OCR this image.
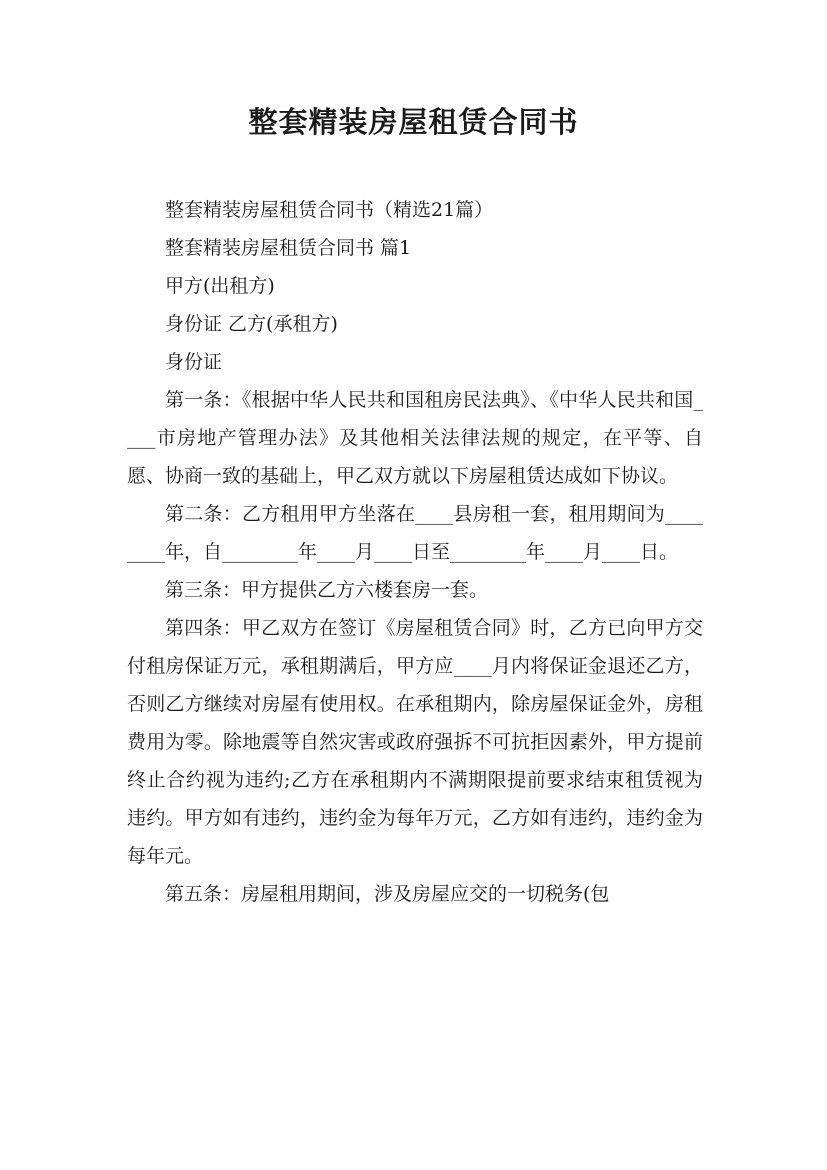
整套精装房屋租赁合同书

整套精装房屋租赁合同书（精选21篇）

整套精装房屋租赁合同书 篇1

甲方(出租方)

身份证 乙方(承租方)

身份证

第一条：《根据中华人民共和国租房民法典》、《中华人民共和国____市房地产管理办法》及其他相关法律法规的规定，在平等、自愿、协商一致的基础上，甲乙双方就以下房屋租赁达成如下协议。

第二条：乙方租用甲方坐落在____县房租一套，租用期间为________年，自________年____月____日至________年____月____日。

第三条：甲方提供乙方六楼套房一套。

第四条：甲乙双方在签订《房屋租赁合同》时，乙方已向甲方交付租房保证万元，承租期满后，甲方应____月内将保证金退还乙方，否则乙方继续对房屋有使用权。在承租期内，除房屋保证金外，房租费用为零。除地震等自然灾害或政府强拆不可抗拒因素外，甲方提前终止合约视为违约;乙方在承租期内不满期限提前要求结束租赁视为违约。甲方如有违约，违约金为每年万元，乙方如有违约，违约金为每年元。

第五条：房屋租用期间，涉及房屋应交的一切税务(包
